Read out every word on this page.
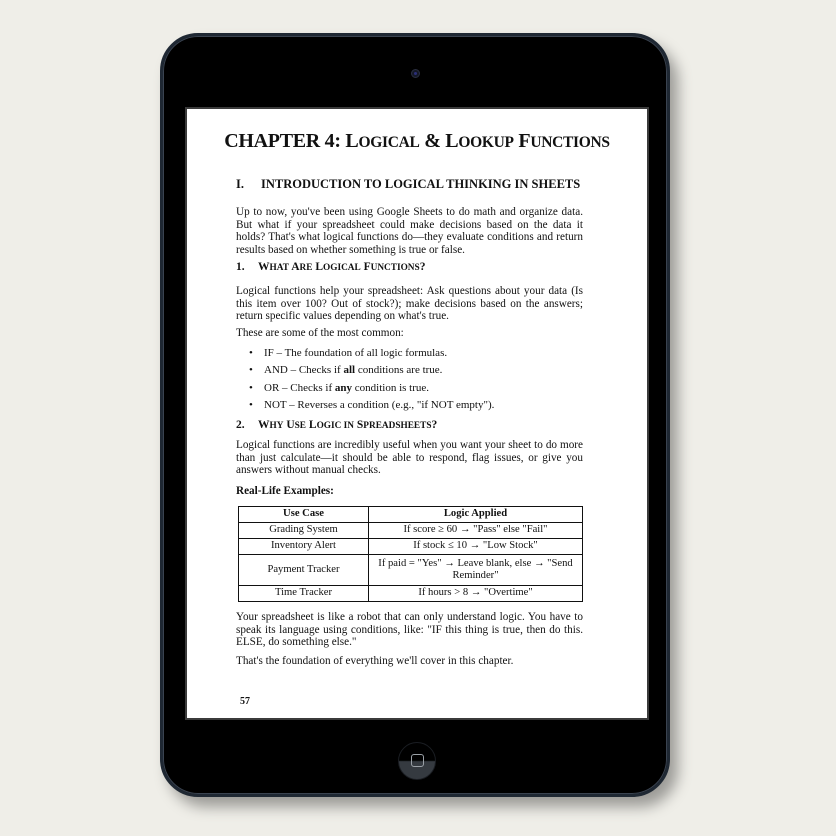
CHAPTER 4: LOGICAL & LOOKUP FUNCTIONS
I. INTRODUCTION TO LOGICAL THINKING IN SHEETS
Up to now, you've been using Google Sheets to do math and organize data. But what if your spreadsheet could make decisions based on the data it holds? That's what logical functions do—they evaluate conditions and return results based on whether something is true or false.
1. WHAT ARE LOGICAL FUNCTIONS?
Logical functions help your spreadsheet: Ask questions about your data (Is this item over 100? Out of stock?); make decisions based on the answers; return specific values depending on what's true.
These are some of the most common:
• IF – The foundation of all logic formulas.
• AND – Checks if all conditions are true.
• OR – Checks if any condition is true.
• NOT – Reverses a condition (e.g., "if NOT empty").
2. WHY USE LOGIC IN SPREADSHEETS?
Logical functions are incredibly useful when you want your sheet to do more than just calculate—it should be able to respond, flag issues, or give you answers without manual checks.
Real-Life Examples:
Use Case	Logic Applied
Grading System	If score ≥ 60 → "Pass" else "Fail"
Inventory Alert	If stock ≤ 10 → "Low Stock"
Payment Tracker	If paid = "Yes" → Leave blank, else → "Send Reminder"
Time Tracker	If hours > 8 → "Overtime"
Your spreadsheet is like a robot that can only understand logic. You have to speak its language using conditions, like: "IF this thing is true, then do this. ELSE, do something else."
That's the foundation of everything we'll cover in this chapter.
57
